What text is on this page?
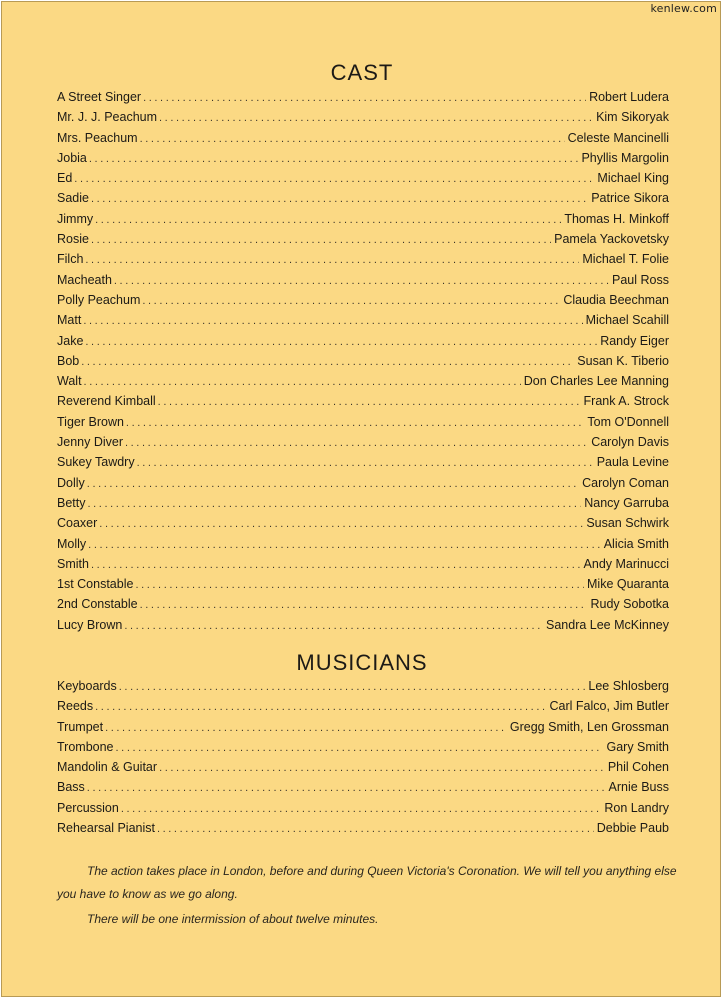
kenlew.com
CAST
A Street Singer .....	Robert Ludera
Mr. J. J. Peachum .....	Kim Sikoryak
Mrs. Peachum .....	Celeste Mancinelli
Jobia .....	Phyllis Margolin
Ed .....	Michael King
Sadie .....	Patrice Sikora
Jimmy .....	Thomas H. Minkoff
Rosie .....	Pamela Yackovetsky
Filch .....	Michael T. Folie
Macheath .....	Paul Ross
Polly Peachum .....	Claudia Beechman
Matt .....	Michael Scahill
Jake .....	Randy Eiger
Bob .....	Susan K. Tiberio
Walt .....	Don Charles Lee Manning
Reverend Kimball .....	Frank A. Strock
Tiger Brown .....	Tom O'Donnell
Jenny Diver .....	Carolyn Davis
Sukey Tawdry .....	Paula Levine
Dolly .....	Carolyn Coman
Betty .....	Nancy Garruba
Coaxer .....	Susan Schwirk
Molly .....	Alicia Smith
Smith .....	Andy Marinucci
1st Constable .....	Mike Quaranta
2nd Constable .....	Rudy Sobotka
Lucy Brown .....	Sandra Lee McKinney
MUSICIANS
Keyboards .....	Lee Shlosberg
Reeds .....	Carl Falco, Jim Butler
Trumpet .....	Gregg Smith, Len Grossman
Trombone .....	Gary Smith
Mandolin & Guitar .....	Phil Cohen
Bass .....	Arnie Buss
Percussion .....	Ron Landry
Rehearsal Pianist .....	Debbie Paub
The action takes place in London, before and during Queen Victoria's Coronation. We will tell you anything else you have to know as we go along.
There will be one intermission of about twelve minutes.
